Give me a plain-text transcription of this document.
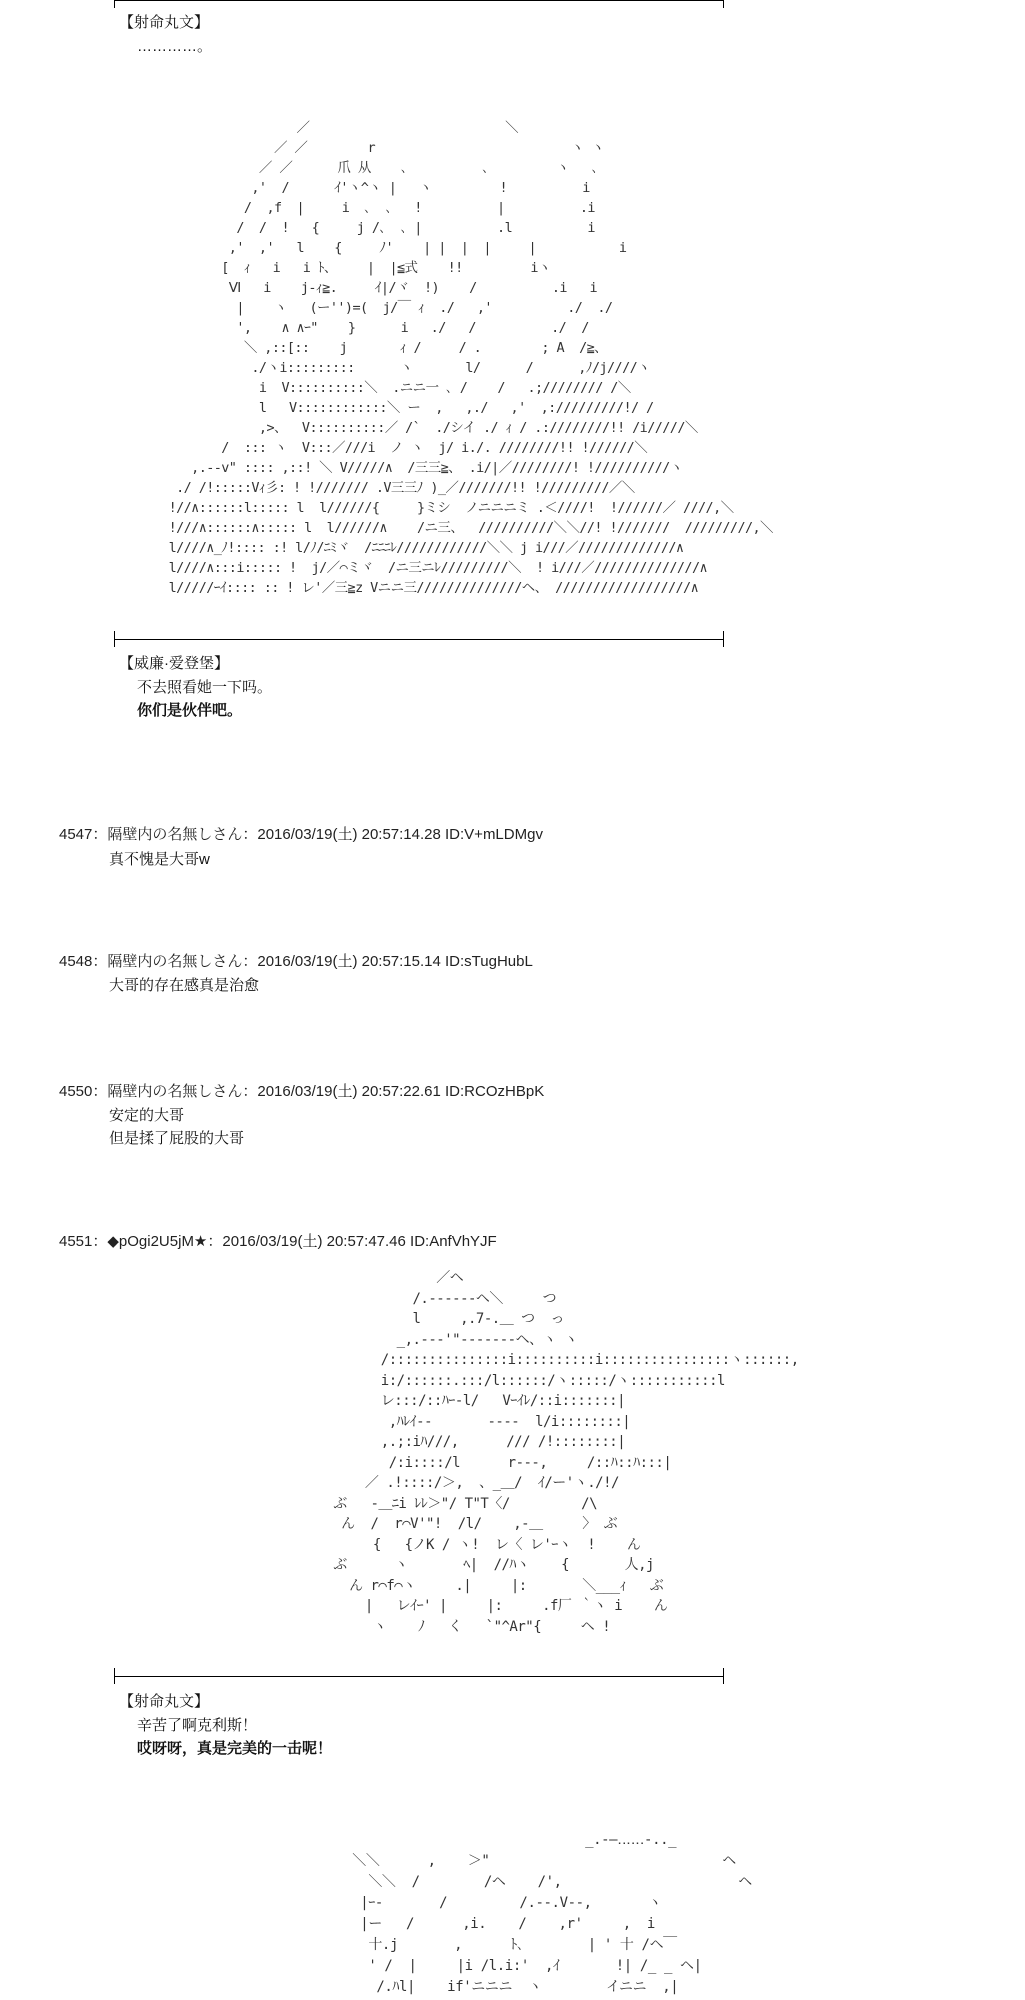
【射命丸文】
…………。
／                          ＼
／ ／        r                          ヽ ヽ
／ ／      爪 从    ､          ､         ヽ   ､
,'  /      ｲ'ヽ^ヽ |   ヽ         !          i
/  ,f  |     i  ､  ､   !          |          .i
/  /  !   {     j /､  ､ |          .l          i
,'  ,'   l    {     ﾉ'    | |  |  |     |           i
[  ｨ   i   i ﾄ、    |  |≦式    !!         iヽ
Ⅵ   i    j-ｨ≧.     ｲ|/ヾ  !)    /          .i   i
|    ヽ   (ー'')=(  j/￣ ｨ  ./   ,'          ./  ./
',    ∧ ∧ｰ"    }      i   ./   /          ./  /
＼ ,::[::    j       ｨ /     / .        ; A  /≧、
./ヽi:::::::::      ヽ       l/      /      ,ﾉ/j////ヽ
i  V::::::::::＼  .ニニ一 ､ /    /   .;//////// /＼
l   V::::::::::::＼ ー  ,   ,./   ,'  ,://///////!/ /
,>、  V::::::::::／ /`  ./シイ ./ ｨ / .:////////!! /i/////＼
/  ::: ヽ  V:::／///i  ノ ヽ  j/ i./. ////////!! !//////＼
,.--v" :::: ,::! ＼ V/////∧  /三三≧、 .i/|／////////! !//////////ヽ
./ /!:::::Vｨ彡: ! !/////// .V三三ﾉ )_／///////!! !/////////／＼
!//∧::::::l::::: l  l//////{     }ミシ  ノニニニミ .＜////!  !//////／ ////,＼
!///∧::::::∧::::: l  l//////∧    /ニ三、  //////////＼＼//! !///////  /////////,＼
l////∧_ﾉ!:::: :! l/ﾉ/ﾆﾐヾ  /ﾆﾆﾆﾚ////////////＼＼ j i///／/////////////∧
l////∧:::i::::: !  j/／⌒ミヾ  /ニ三ニﾚ/////////＼  ! i///／//////////////∧
l/////ｰｲ:::: :: ! レ'／三≧z Vニニ三//////////////ヘ、 //////////////////∧
【威廉·爱登堡】
不去照看她一下吗。
你们是伙伴吧。
4547：隔壁内の名無しさん：2016/03/19(土) 20:57:14.28 ID:V+mLDMgv
真不愧是大哥w
4548：隔壁内の名無しさん：2016/03/19(土) 20:57:15.14 ID:sTugHubL
大哥的存在感真是治愈
4550：隔壁内の名無しさん：2016/03/19(土) 20:57:22.61 ID:RCOzHBpK
安定的大哥
但是揉了屁股的大哥
4551：◆pOgi2U5jM★：2016/03/19(土) 20:57:47.46 ID:AnfVhYJF
／ヘ
/.------ヘ＼     つ
l     ,.7-.＿ つ  っ
_,.---'"-------ヘ、ヽ ヽ
/:::::::::::::::i::::::::::i::::::::::::::::ヽ::::::,
i:/::::::.:::/l::::::/ヽ:::::/ヽ:::::::::::l
レ:::/::ﾊｰ-l/   Vｰｲﾚ/::i:::::::|
,ﾊﾚｲ--       ----  l/i::::::::|
,.;:iﾊ///,      /// /!::::::::|
/:i::::/l      r---,     /::ﾊ::ﾊ:::|
／ .!::::/＞,  、_＿/  ｲ/ー'ヽ./!/
ぶ   -＿ﾆi ﾚﾚ＞"/ T"T〈/         /\
ん  /  r⌒V'"!  /l/    ,-＿     〉 ぶ
{   {ノK / ヽ!  レ〈 レ'ｰヽ  !    ん
ぶ      ヽ       ﾍ|  //ﾊヽ    {       人,j
ん r⌒f⌒ヽ     .|     |:       ＼___ｨ   ぶ
|   レｲｰ' |     |:     .f厂 ｀ヽ i    ん
ヽ    ﾉ   く   `"^Ar"{     ヘ !
【射命丸文】
辛苦了啊克利斯！
哎呀呀，真是完美的一击呢！
_.-―‥‥‥-.._
＼＼      ,    ＞"                             ヘ
＼＼  /        /ヘ    /',                      ヘ
|ｰ-       /         /.--.V--,       ヽ
|ー   /      ,i.    /    ,r'     ,  i
十.j       ,      ﾄ､        | ' 十 /ヘ￣
' /  |     |i /l.i:'  ,ｲ       !| /_ _ ヘ|
/.ﾊl|    if'ニニニ  ヽ        イニニ  ,|
